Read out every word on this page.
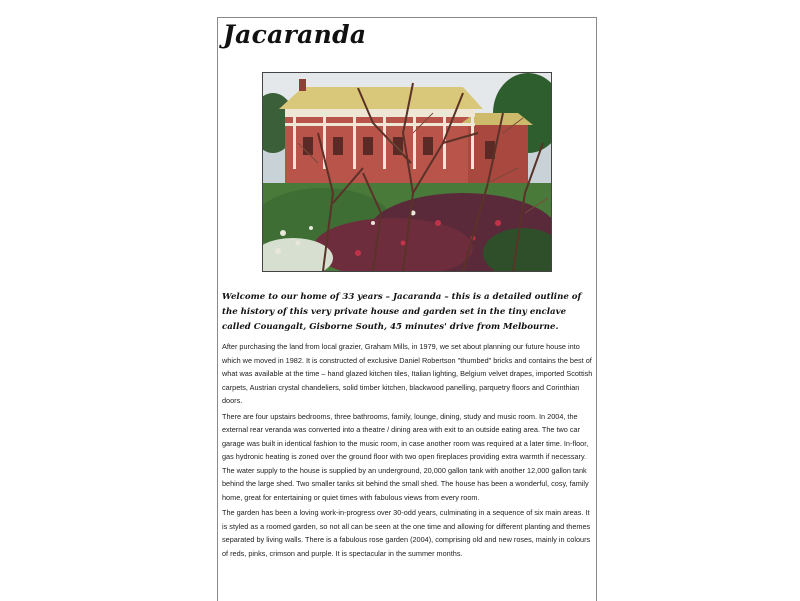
Jacaranda
Welcome to our home of 33 years – Jacaranda – this is a detailed outline of the history of this very private house and garden set in the tiny enclave called Couangalt, Gisborne South, 45 minutes' drive from Melbourne.

After purchasing the land from local grazier, Graham Mills, in 1979, we set about planning our future house into which we moved in 1982. It is constructed of exclusive Daniel Robertson "thumbed" bricks and contains the best of what was available at the time – hand glazed kitchen tiles, Italian lighting, Belgium velvet drapes, imported Scottish carpets, Austrian crystal chandeliers, solid timber kitchen, blackwood panelling, parquetry floors and Corinthian doors.

There are four upstairs bedrooms, three bathrooms, family, lounge, dining, study and music room. In 2004, the external rear veranda was converted into a theatre / dining area with exit to an outside eating area. The two car garage was built in identical fashion to the music room, in case another room was required at a later time. In-floor, gas hydronic heating is zoned over the ground floor with two open fireplaces providing extra warmth if necessary. The water supply to the house is supplied by an underground, 20,000 gallon tank with another 12,000 gallon tank behind the large shed. Two smaller tanks sit behind the small shed. The house has been a wonderful, cosy, family home, great for entertaining or quiet times with fabulous views from every room.

The garden has been a loving work-in-progress over 30-odd years, culminating in a sequence of six main areas. It is styled as a roomed garden, so not all can be seen at the one time and allowing for different planting and themes separated by living walls. There is a fabulous rose garden (2004), comprising old and new roses, mainly in colours of reds, pinks, crimson and purple. It is spectacular in the summer months.
